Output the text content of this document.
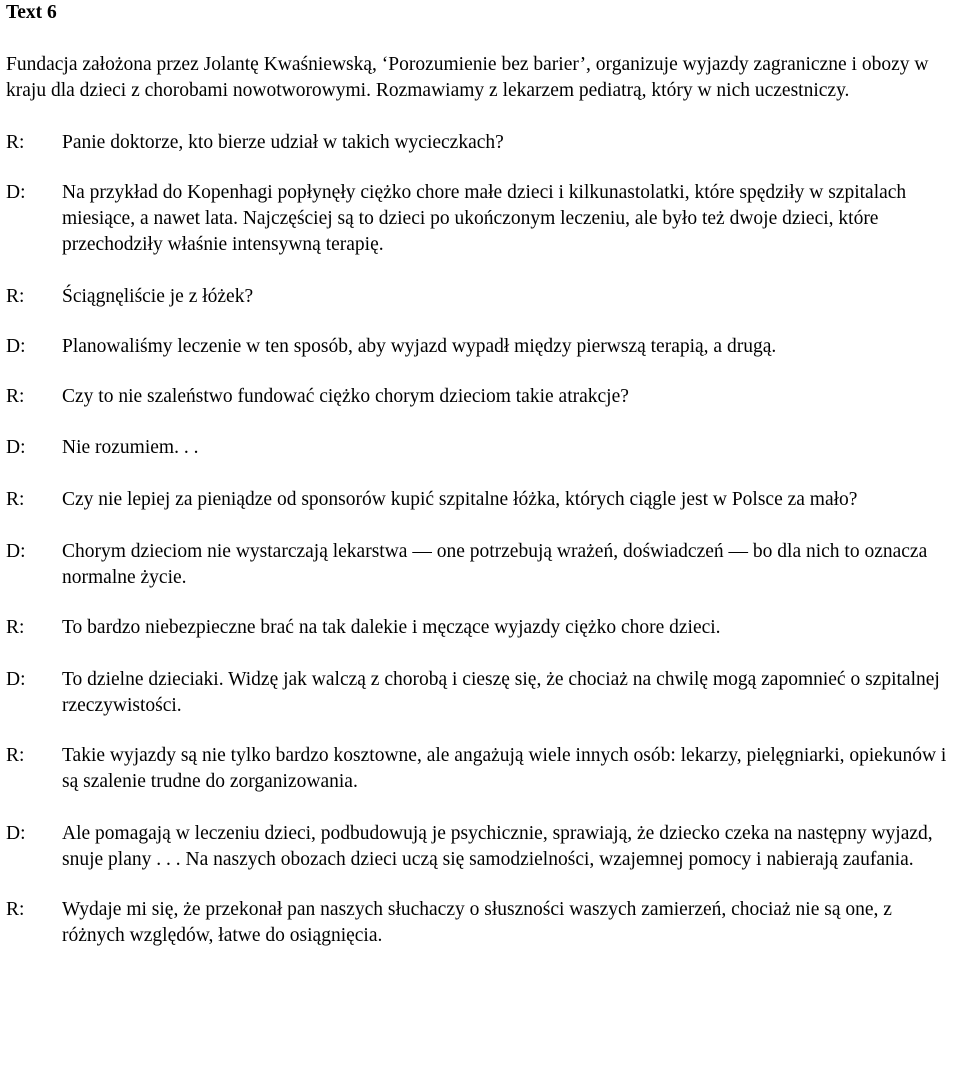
Text 6
Fundacja założona przez Jolantę Kwaśniewską, ‘Porozumienie bez barier’, organizuje wyjazdy zagraniczne i obozy w kraju dla dzieci z chorobami nowotworowymi. Rozmawiamy z lekarzem pediatrą, który w nich uczestniczy.
R:	Panie doktorze, kto bierze udział w takich wycieczkach?
D:	Na przykład do Kopenhagi popłynęły ciężko chore małe dzieci i kilkunastolatki, które spędziły w szpitalach miesiące, a nawet lata. Najczęściej są to dzieci po ukończonym leczeniu, ale było też dwoje dzieci, które przechodziły właśnie intensywną terapię.
R:	Ściągnęliście je z łóżek?
D:	Planowaliśmy leczenie w ten sposób, aby wyjazd wypadł między pierwszą terapią, a drugą.
R:	Czy to nie szaleństwo fundować ciężko chorym dzieciom takie atrakcje?
D:	Nie rozumiem. . .
R:	Czy nie lepiej za pieniądze od sponsorów kupić szpitalne łóżka, których ciągle jest w Polsce za mało?
D:	Chorym dzieciom nie wystarczają lekarstwa — one potrzebują wrażeń, doświadczeń — bo dla nich to oznacza normalne życie.
R:	To bardzo niebezpieczne brać na tak dalekie i męczące wyjazdy ciężko chore dzieci.
D:	To dzielne dzieciaki. Widzę jak walczą z chorobą i cieszę się, że chociaż na chwilę mogą zapomnieć o szpitalnej rzeczywistości.
R:	Takie wyjazdy są nie tylko bardzo kosztowne, ale angażują wiele innych osób: lekarzy, pielęgniarki, opiekunów i są szalenie trudne do zorganizowania.
D:	Ale pomagają w leczeniu dzieci, podbudowują je psychicznie, sprawiają, że dziecko czeka na następny wyjazd, snuje plany . . . Na naszych obozach dzieci uczą się samodzielności, wzajemnej pomocy i nabierają zaufania.
R:	Wydaje mi się, że przekonał pan naszych słuchaczy o słuszności waszych zamierzeń, chociaż nie są one, z różnych względów, łatwe do osiągnięcia.
